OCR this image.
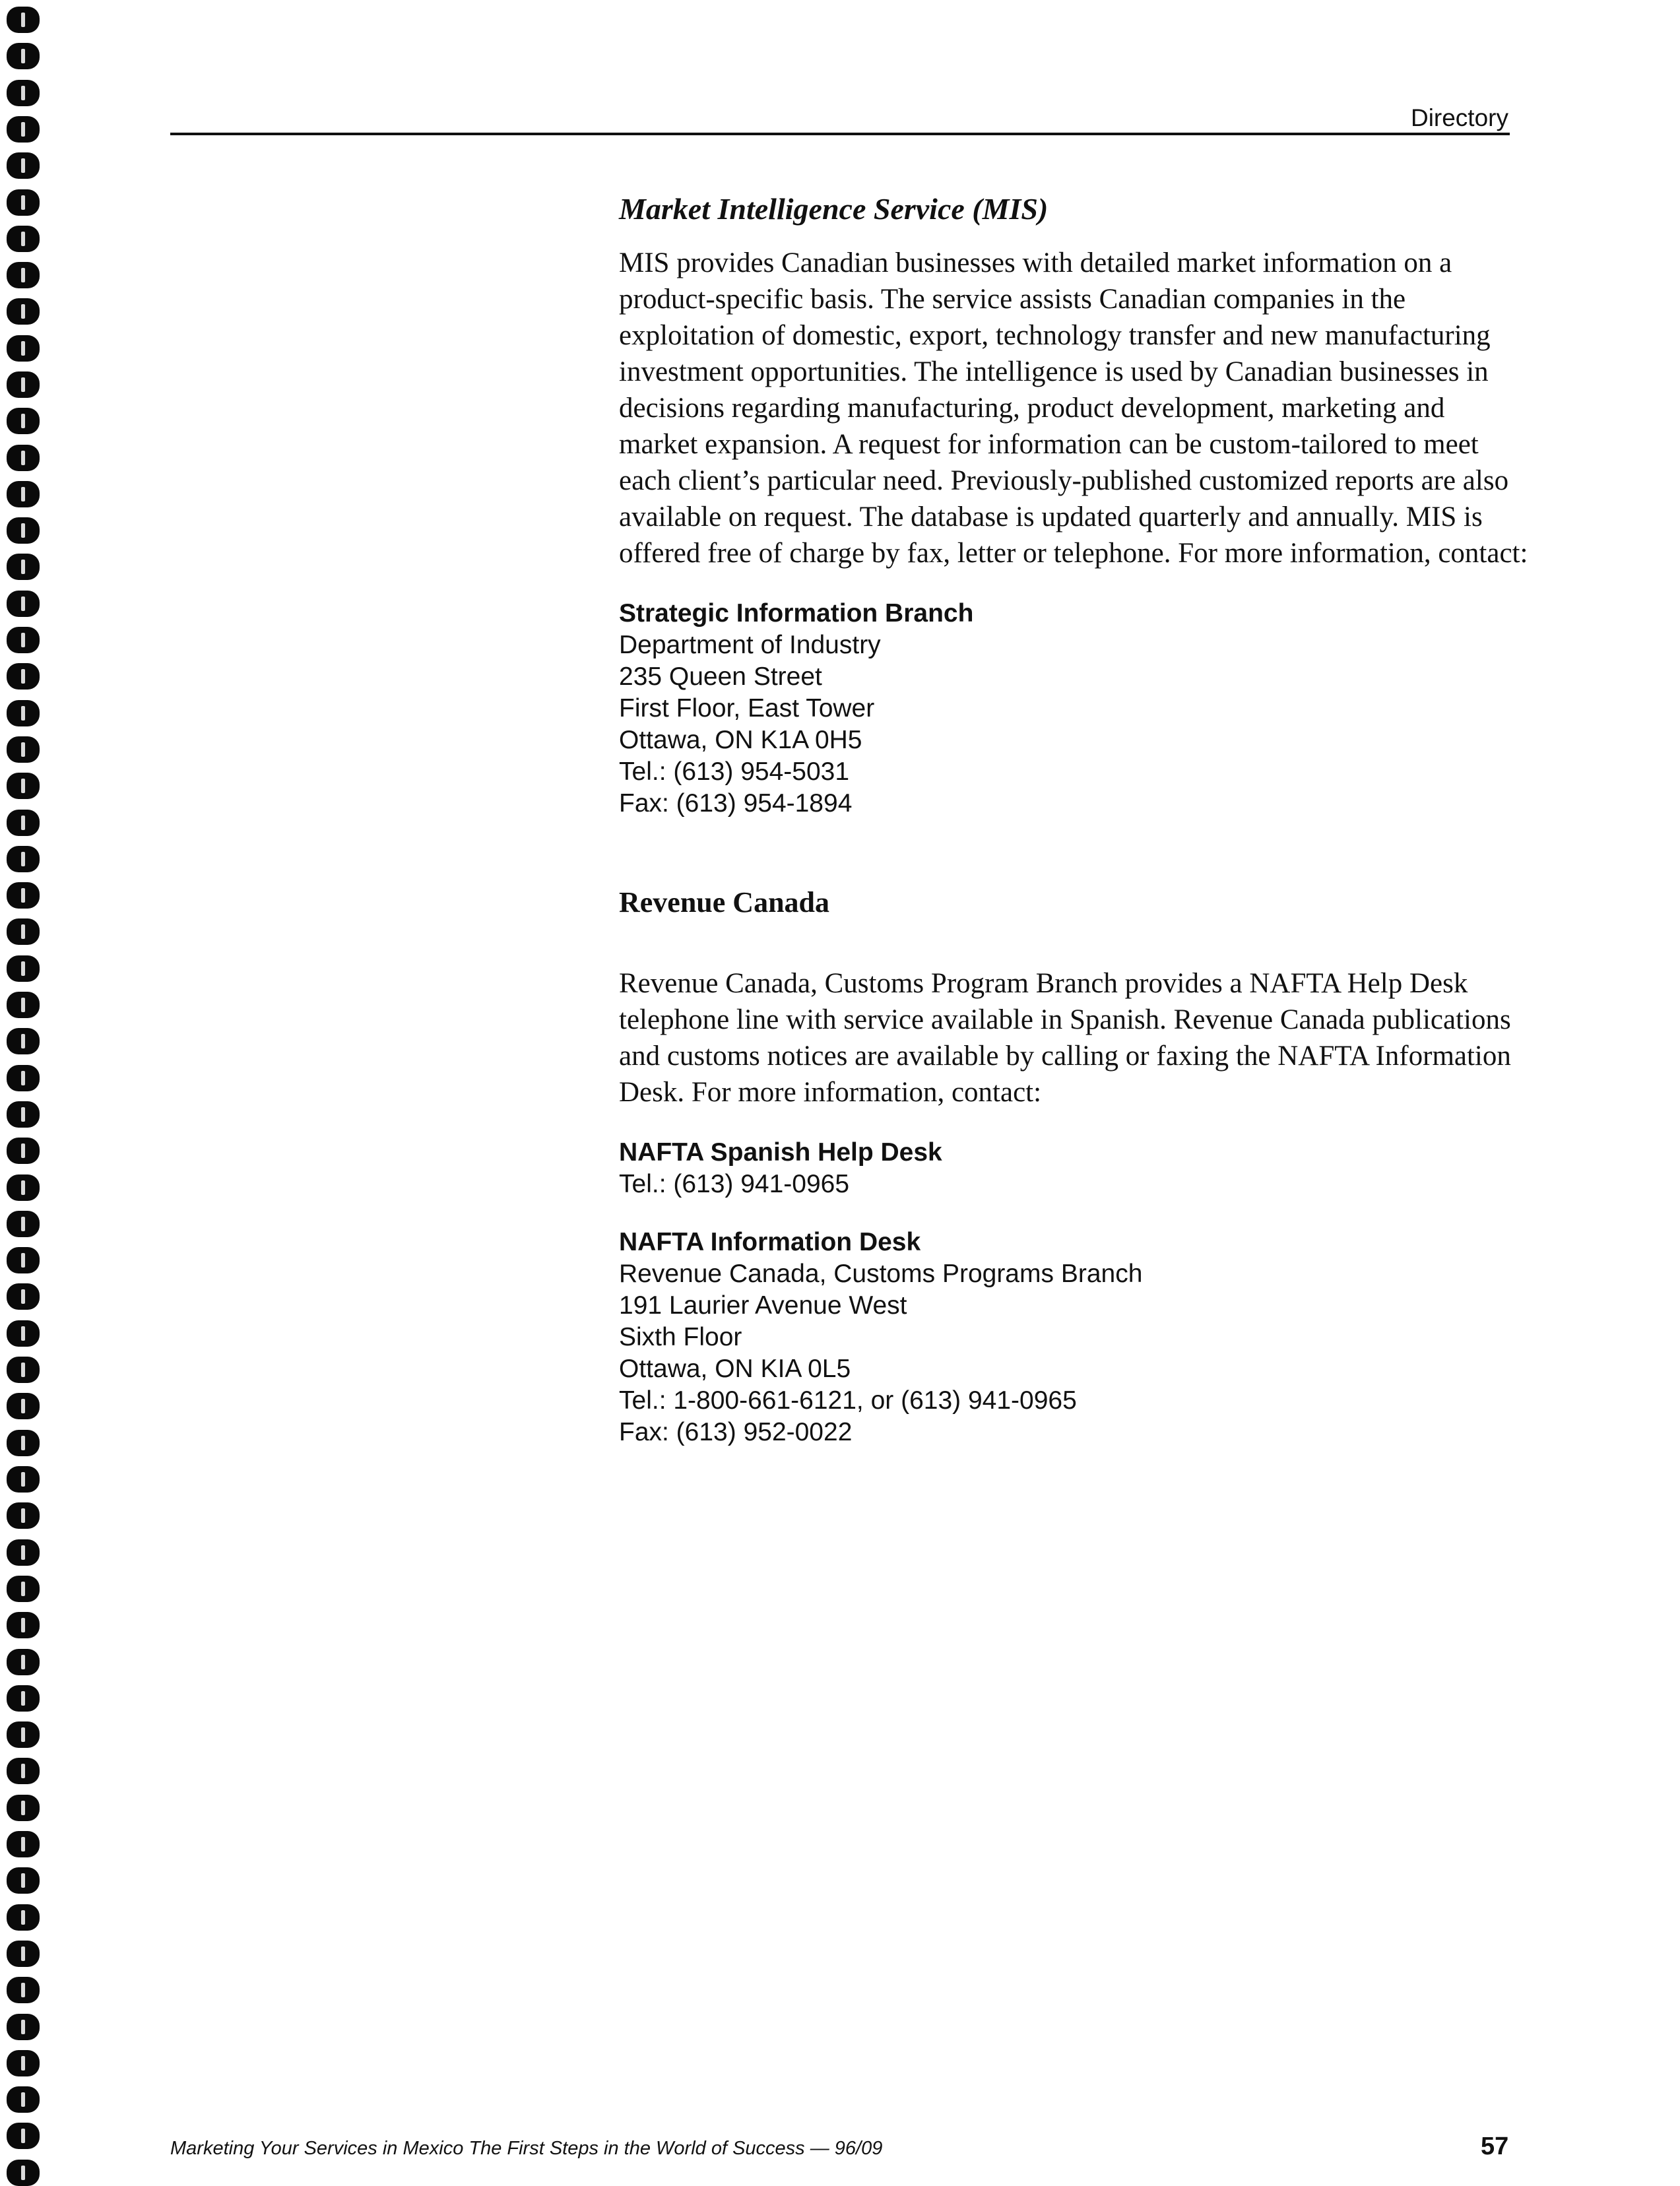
Directory
Market Intelligence Service (MIS)

MIS provides Canadian businesses with detailed market information on a product-specific basis. The service assists Canadian companies in the exploitation of domestic, export, technology transfer and new manufacturing investment opportunities. The intelligence is used by Canadian businesses in decisions regarding manufacturing, product development, marketing and market expansion. A request for information can be custom-tailored to meet each client’s particular need. Previously-published customized reports are also available on request. The database is updated quarterly and annually. MIS is offered free of charge by fax, letter or telephone. For more information, contact:

Strategic Information Branch
Department of Industry
235 Queen Street
First Floor, East Tower
Ottawa, ON K1A 0H5
Tel.: (613) 954-5031
Fax: (613) 954-1894
Revenue Canada

Revenue Canada, Customs Program Branch provides a NAFTA Help Desk telephone line with service available in Spanish. Revenue Canada publications and customs notices are available by calling or faxing the NAFTA Information Desk. For more information, contact:

NAFTA Spanish Help Desk
Tel.: (613) 941-0965
NAFTA Information Desk
Revenue Canada, Customs Programs Branch
191 Laurier Avenue West
Sixth Floor
Ottawa, ON KIA 0L5
Tel.: 1-800-661-6121, or (613) 941-0965
Fax: (613) 952-0022
Marketing Your Services in Mexico The First Steps in the World of Success — 96/09	57
